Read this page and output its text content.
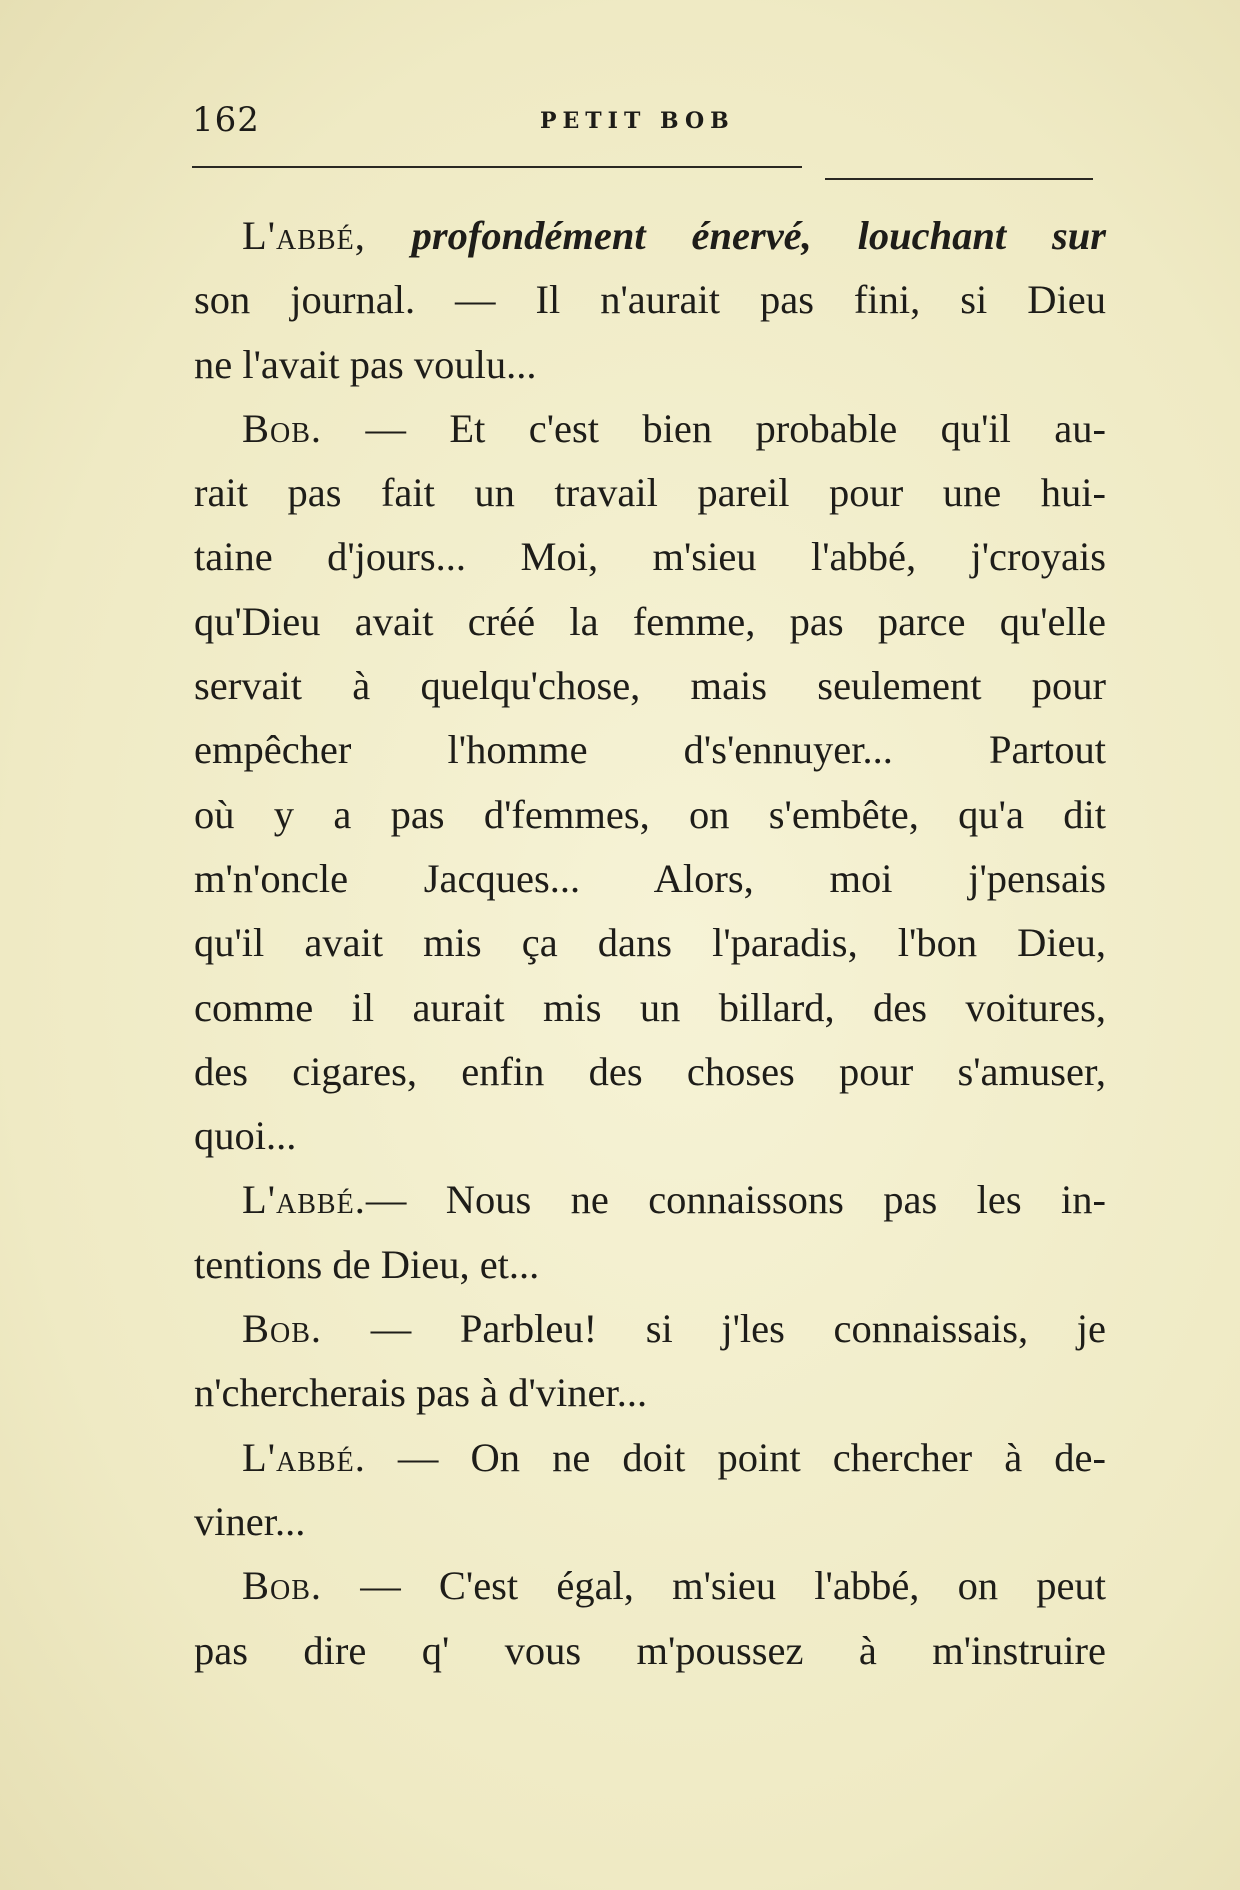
162	PETIT BOB
L'abbé, profondément énervé, louchant sur
son journal. — Il n'aurait pas fini, si Dieu
ne l'avait pas voulu...
Bob. — Et c'est bien probable qu'il au-
rait pas fait un travail pareil pour une hui-
taine d'jours... Moi, m'sieu l'abbé, j'croyais
qu'Dieu avait créé la femme, pas parce qu'elle
servait à quelqu'chose, mais seulement pour
empêcher l'homme d's'ennuyer... Partout
où y a pas d'femmes, on s'embête, qu'a dit
m'n'oncle Jacques... Alors, moi j'pensais
qu'il avait mis ça dans l'paradis, l'bon Dieu,
comme il aurait mis un billard, des voitures,
des cigares, enfin des choses pour s'amuser,
quoi...
L'abbé.— Nous ne connaissons pas les in-
tentions de Dieu, et...
Bob. — Parbleu! si j'les connaissais, je
n'chercherais pas à d'viner...
L'abbé. — On ne doit point chercher à de-
viner...
Bob. — C'est égal, m'sieu l'abbé, on peut
pas dire q' vous m'poussez à m'instruire
